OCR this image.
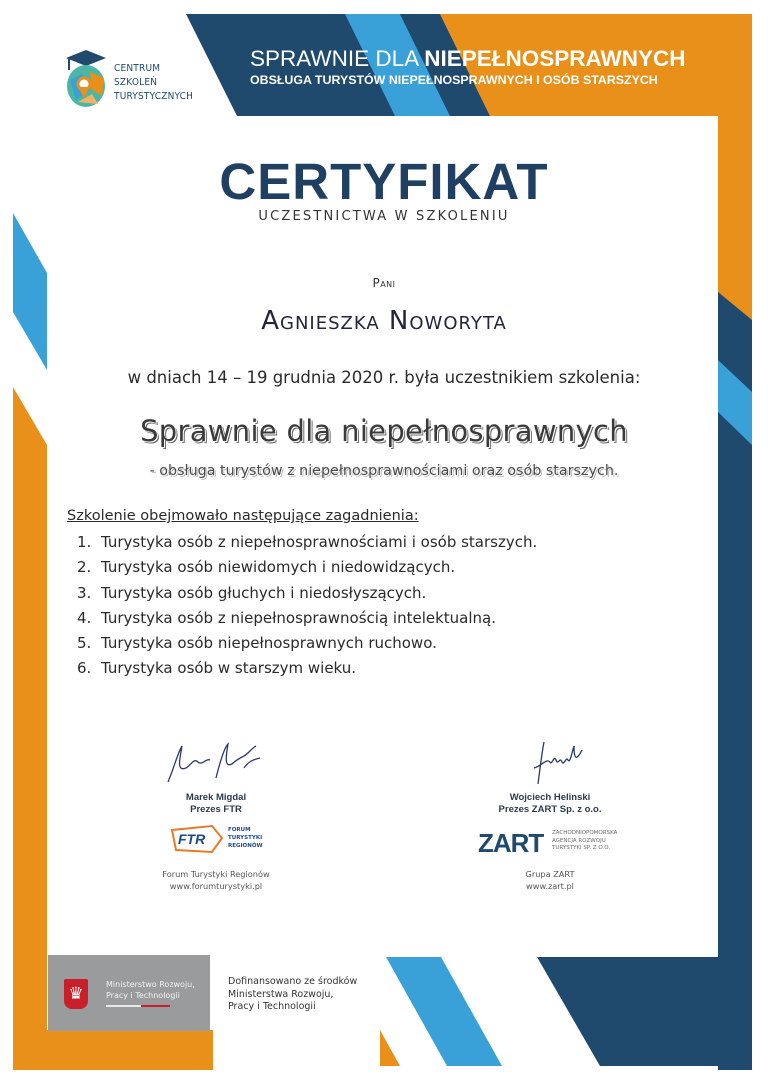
CENTRUM
SZKOLEŃ
TURYSTYCZNYCH
SPRAWNIE DLA NIEPEŁNOSPRAWNYCH
OBSŁUGA TURYSTÓW NIEPEŁNOSPRAWNYCH I OSÓB STARSZYCH
CERTYFIKAT
UCZESTNICTWA W SZKOLENIU
Pani
Agnieszka Noworyta
w dniach 14 – 19 grudnia 2020 r. była uczestnikiem szkolenia:
Sprawnie dla niepełnosprawnych
- obsługa turystów z niepełnosprawnościami oraz osób starszych.
Szkolenie obejmowało następujące zagadnienia:
1. Turystyka osób z niepełnosprawnościami i osób starszych.
2. Turystyka osób niewidomych i niedowidzących.
3. Turystyka osób głuchych i niedosłyszących.
4. Turystyka osób z niepełnosprawnością intelektualną.
5. Turystyka osób niepełnosprawnych ruchowo.
6. Turystyka osób w starszym wieku.
Marek Migdal
Prezes FTR
FTR
FORUM
TURYSTYKI
REGIONÓW
Forum Turystyki Regionów
www.forumturystyki.pl
Wojciech Helinski
Prezes ZART Sp. z o.o.
ZART ZACHODNIOPOMORSKA
AGENCJA ROZWOJU
TURYSTYKI SP. Z O.O.
Grupa ZART
www.zart.pl
♛	Ministerstwo Rozwoju,
Pracy i Technologii
Dofinansowano ze środków
Ministerstwa Rozwoju,
Pracy i Technologii
